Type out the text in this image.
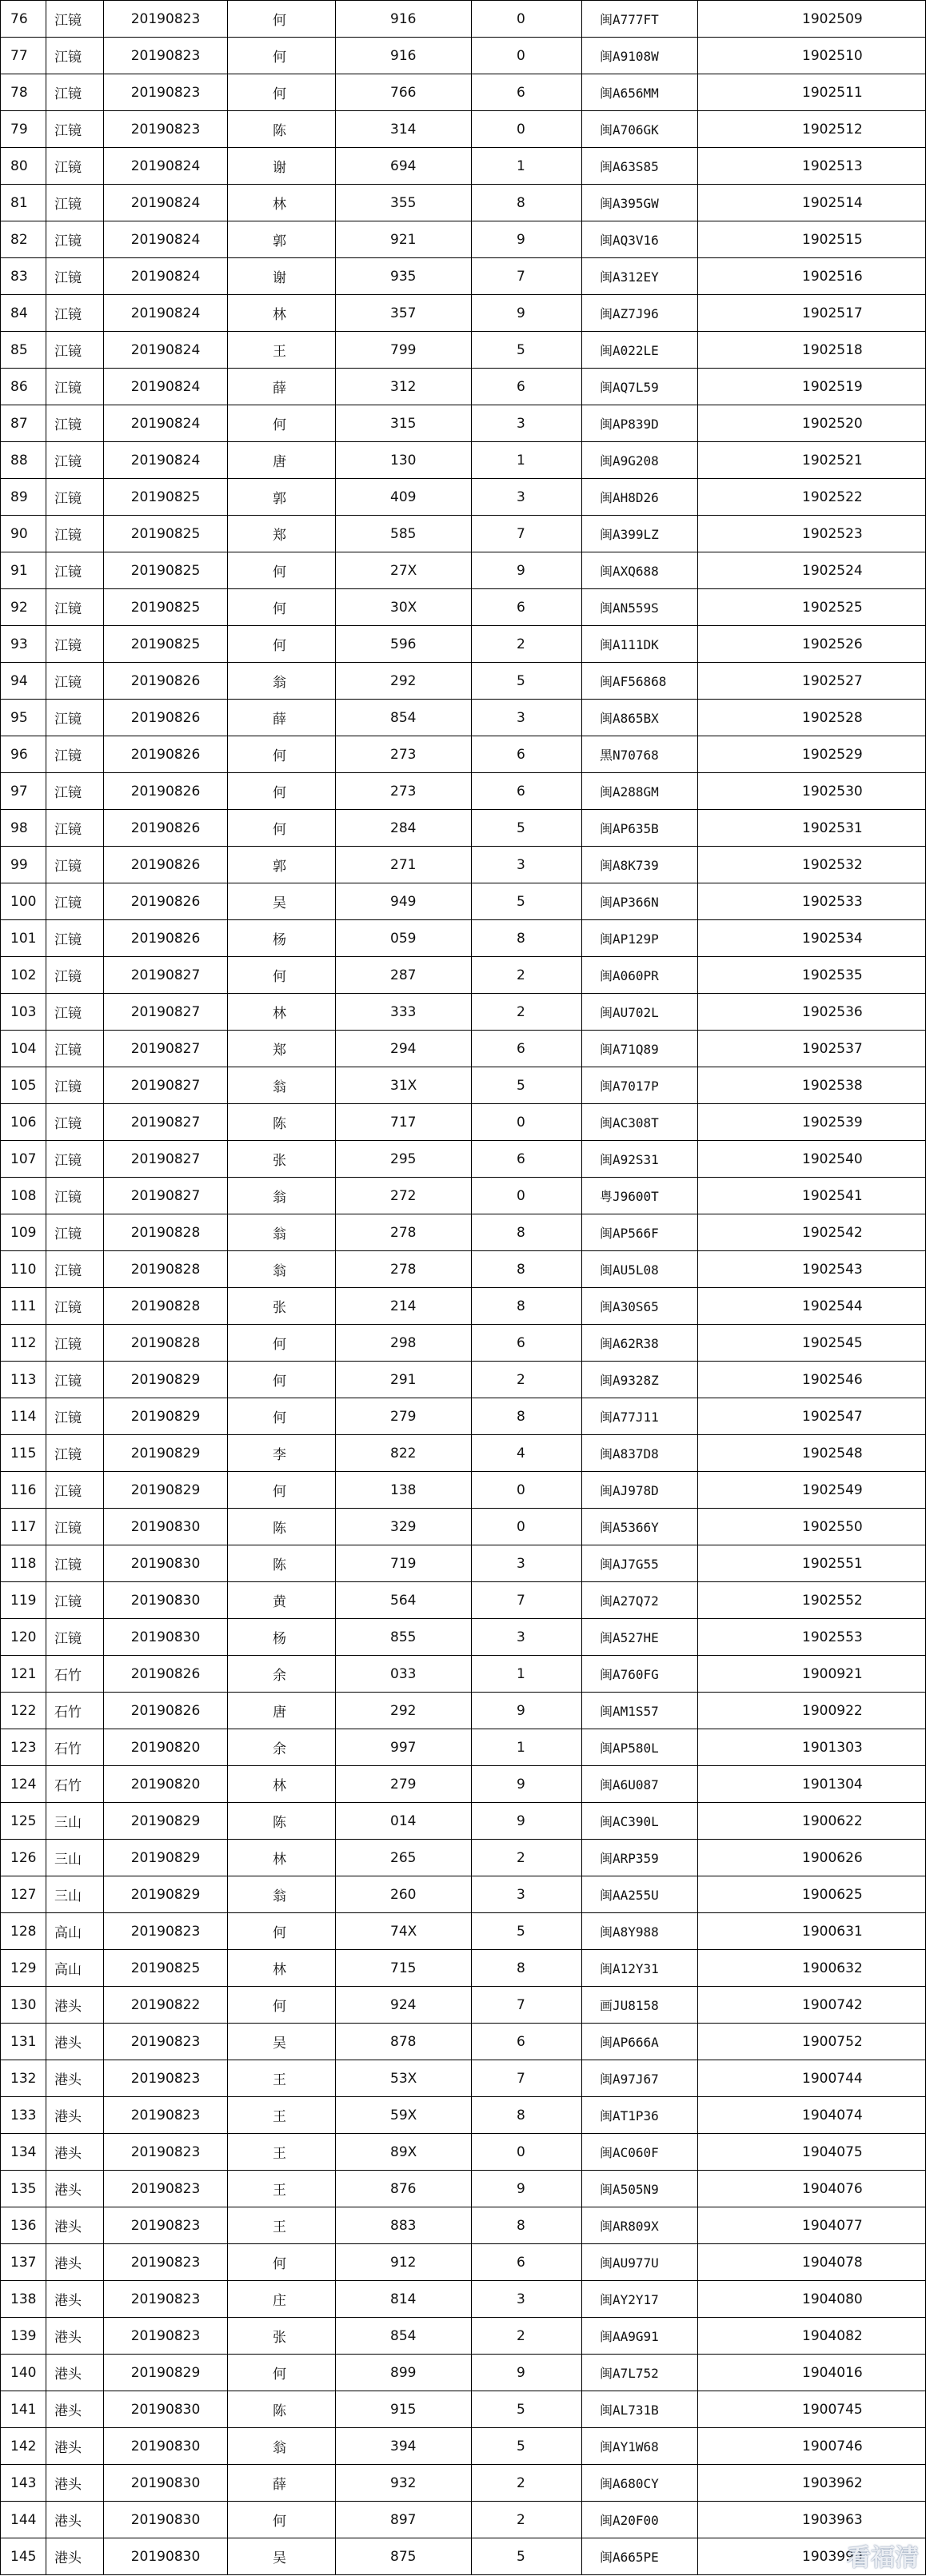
76	江镜	20190823	何	916	0	闽A777FT	1902509
77	江镜	20190823	何	916	0	闽A9108W	1902510
78	江镜	20190823	何	766	6	闽A656MM	1902511
79	江镜	20190823	陈	314	0	闽A706GK	1902512
80	江镜	20190824	谢	694	1	闽A63S85	1902513
81	江镜	20190824	林	355	8	闽A395GW	1902514
82	江镜	20190824	郭	921	9	闽AQ3V16	1902515
83	江镜	20190824	谢	935	7	闽A312EY	1902516
84	江镜	20190824	林	357	9	闽AZ7J96	1902517
85	江镜	20190824	王	799	5	闽A022LE	1902518
86	江镜	20190824	薛	312	6	闽AQ7L59	1902519
87	江镜	20190824	何	315	3	闽AP839D	1902520
88	江镜	20190824	唐	130	1	闽A9G208	1902521
89	江镜	20190825	郭	409	3	闽AH8D26	1902522
90	江镜	20190825	郑	585	7	闽A399LZ	1902523
91	江镜	20190825	何	27X	9	闽AXQ688	1902524
92	江镜	20190825	何	30X	6	闽AN559S	1902525
93	江镜	20190825	何	596	2	闽A111DK	1902526
94	江镜	20190826	翁	292	5	闽AF56868	1902527
95	江镜	20190826	薛	854	3	闽A865BX	1902528
96	江镜	20190826	何	273	6	黑N70768	1902529
97	江镜	20190826	何	273	6	闽A288GM	1902530
98	江镜	20190826	何	284	5	闽AP635B	1902531
99	江镜	20190826	郭	271	3	闽A8K739	1902532
100	江镜	20190826	吴	949	5	闽AP366N	1902533
101	江镜	20190826	杨	059	8	闽AP129P	1902534
102	江镜	20190827	何	287	2	闽A060PR	1902535
103	江镜	20190827	林	333	2	闽AU702L	1902536
104	江镜	20190827	郑	294	6	闽A71Q89	1902537
105	江镜	20190827	翁	31X	5	闽A7017P	1902538
106	江镜	20190827	陈	717	0	闽AC308T	1902539
107	江镜	20190827	张	295	6	闽A92S31	1902540
108	江镜	20190827	翁	272	0	粤J9600T	1902541
109	江镜	20190828	翁	278	8	闽AP566F	1902542
110	江镜	20190828	翁	278	8	闽AU5L08	1902543
111	江镜	20190828	张	214	8	闽A30S65	1902544
112	江镜	20190828	何	298	6	闽A62R38	1902545
113	江镜	20190829	何	291	2	闽A9328Z	1902546
114	江镜	20190829	何	279	8	闽A77J11	1902547
115	江镜	20190829	李	822	4	闽A837D8	1902548
116	江镜	20190829	何	138	0	闽AJ978D	1902549
117	江镜	20190830	陈	329	0	闽A5366Y	1902550
118	江镜	20190830	陈	719	3	闽AJ7G55	1902551
119	江镜	20190830	黄	564	7	闽A27Q72	1902552
120	江镜	20190830	杨	855	3	闽A527HE	1902553
121	石竹	20190826	余	033	1	闽A760FG	1900921
122	石竹	20190826	唐	292	9	闽AM1S57	1900922
123	石竹	20190820	余	997	1	闽AP580L	1901303
124	石竹	20190820	林	279	9	闽A6U087	1901304
125	三山	20190829	陈	014	9	闽AC390L	1900622
126	三山	20190829	林	265	2	闽ARP359	1900626
127	三山	20190829	翁	260	3	闽AA255U	1900625
128	高山	20190823	何	74X	5	闽A8Y988	1900631
129	高山	20190825	林	715	8	闽A12Y31	1900632
130	港头	20190822	何	924	7	画JU8158	1900742
131	港头	20190823	吴	878	6	闽AP666A	1900752
132	港头	20190823	王	53X	7	闽A97J67	1900744
133	港头	20190823	王	59X	8	闽AT1P36	1904074
134	港头	20190823	王	89X	0	闽AC060F	1904075
135	港头	20190823	王	876	9	闽A505N9	1904076
136	港头	20190823	王	883	8	闽AR809X	1904077
137	港头	20190823	何	912	6	闽AU977U	1904078
138	港头	20190823	庄	814	3	闽AY2Y17	1904080
139	港头	20190823	张	854	2	闽AA9G91	1904082
140	港头	20190829	何	899	9	闽A7L752	1904016
141	港头	20190830	陈	915	5	闽AL731B	1900745
142	港头	20190830	翁	394	5	闽AY1W68	1900746
143	港头	20190830	薛	932	2	闽A680CY	1903962
144	港头	20190830	何	897	2	闽A20F00	1903963
145	港头	20190830	吴	875	5	闽A665PE	1903999
看福清
